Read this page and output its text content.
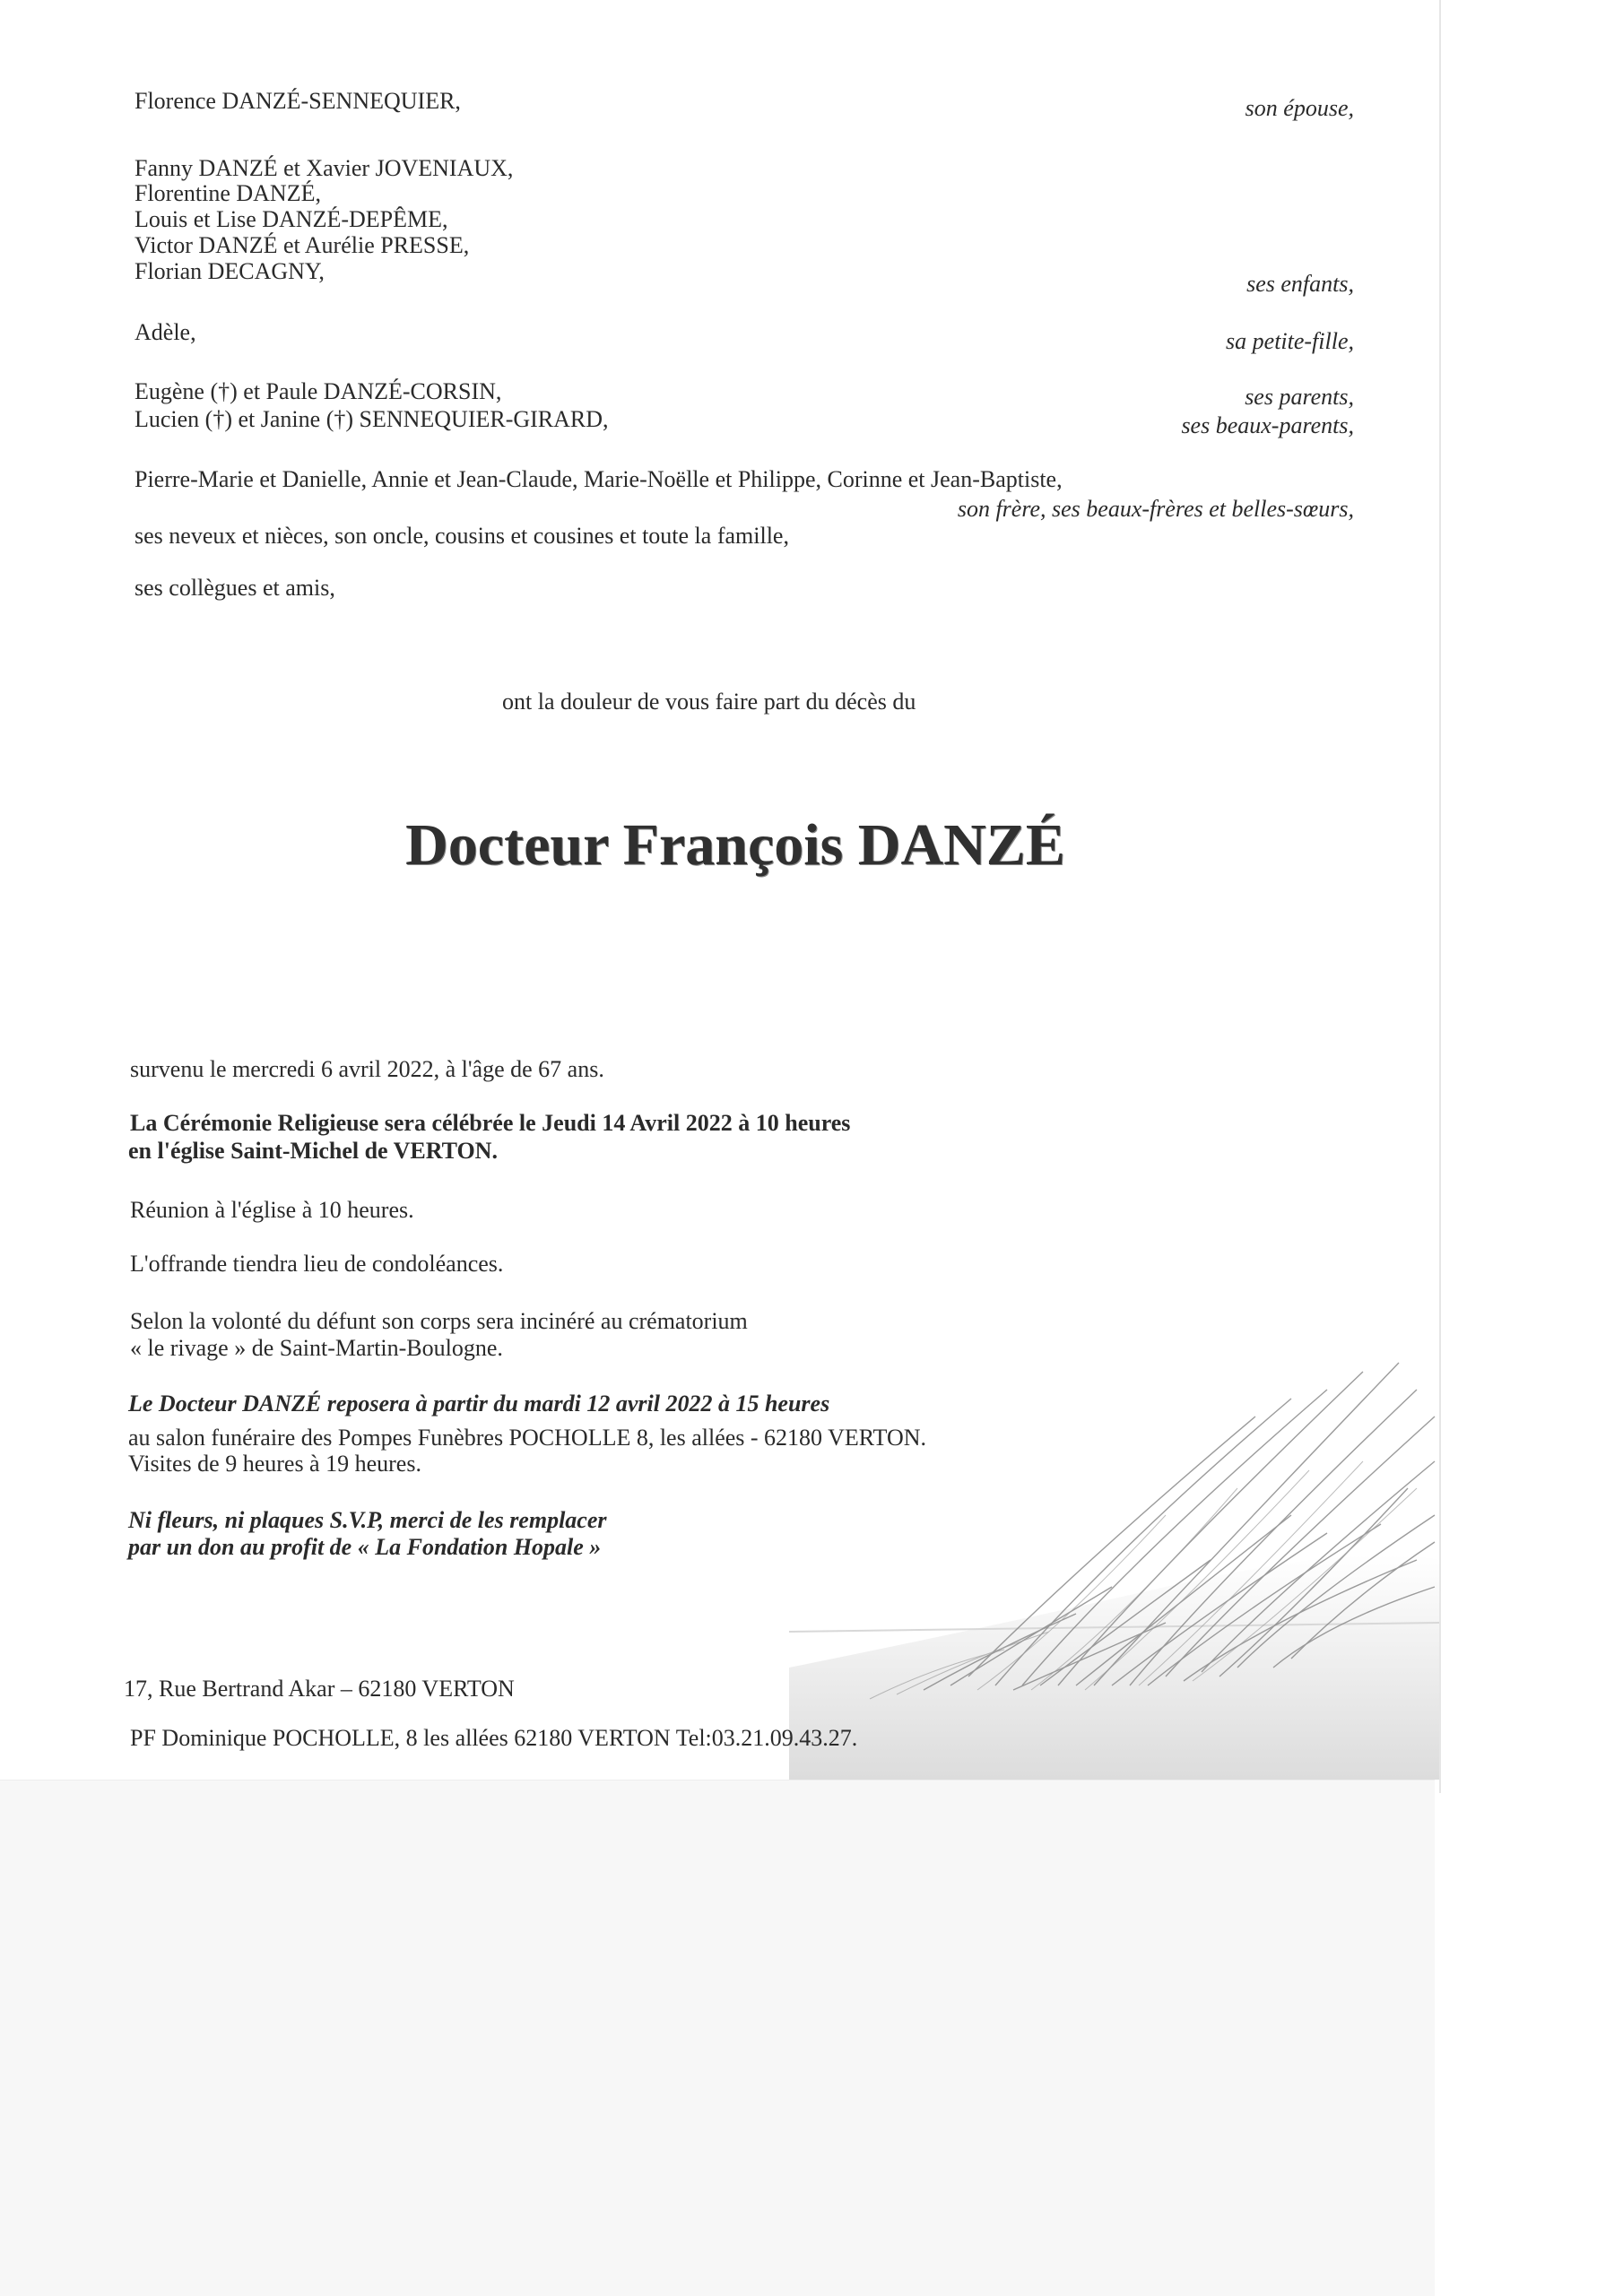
Florence DANZÉ-SENNEQUIER,	son épouse,
Fanny DANZÉ et Xavier JOVENIAUX,
Florentine DANZÉ,
Louis et Lise DANZÉ-DEPÊME,
Victor DANZÉ et Aurélie PRESSE,
Florian DECAGNY,	ses enfants,
Adèle,	sa petite-fille,
Eugène (†) et Paule DANZÉ-CORSIN,	ses parents,
Lucien (†) et Janine (†) SENNEQUIER-GIRARD,	ses beaux-parents,
Pierre-Marie et Danielle, Annie et Jean-Claude, Marie-Noëlle et Philippe, Corinne et Jean-Baptiste,
son frère, ses beaux-frères et belles-sœurs,
ses neveux et nièces, son oncle, cousins et cousines et toute la famille,
ses collègues et amis,
ont la douleur de vous faire part du décès du
Docteur François DANZÉ
survenu le mercredi 6 avril 2022, à l'âge de 67 ans.
La Cérémonie Religieuse sera célébrée le Jeudi 14 Avril 2022 à 10 heures
en l'église Saint-Michel de VERTON.
Réunion à l'église à 10 heures.
L'offrande tiendra lieu de condoléances.
Selon la volonté du défunt son corps sera incinéré au crématorium
« le rivage » de Saint-Martin-Boulogne.
Le Docteur DANZÉ reposera à partir du mardi 12 avril 2022 à 15 heures
au salon funéraire des Pompes Funèbres POCHOLLE 8, les allées - 62180 VERTON.
Visites de 9 heures à 19 heures.
Ni fleurs, ni plaques S.V.P, merci de les remplacer
par un don au profit de « La Fondation Hopale »
17, Rue Bertrand Akar – 62180 VERTON
PF Dominique POCHOLLE, 8 les allées 62180 VERTON Tel:03.21.09.43.27.
